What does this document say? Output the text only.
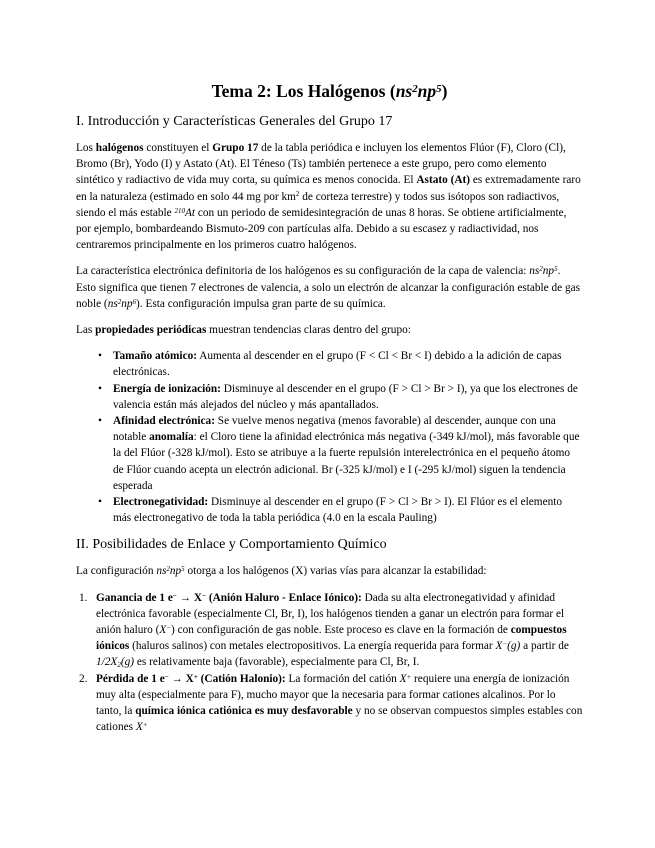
Tema 2: Los Halógenos $(ns^2np^5)$
I. Introducción y Características Generales del Grupo 17

Los halógenos constituyen el Grupo 17 de la tabla periódica e incluyen los elementos Flúor (F), Cloro (Cl), Bromo (Br), Yodo (I) y Astato (At). El Téneso (Ts) también pertenece a este grupo, pero como elemento sintético y radiactivo de vida muy corta, su química es menos conocida. El Astato (At) es extremadamente raro en la naturaleza (estimado en solo 44 mg por $km^2$ de corteza terrestre) y todos sus isótopos son radiactivos, siendo el más estable $^{210}$At con un periodo de semidesintegración de unas 8 horas. Se obtiene artificialmente, por ejemplo, bombardeando Bismuto-209 con partículas alfa. Debido a su escasez y radiactividad, nos centraremos principalmente en los primeros cuatro halógenos.

La característica electrónica definitoria de los halógenos es su configuración de la capa de valencia: $ns^2np^5$. Esto significa que tienen 7 electrones de valencia, a solo un electrón de alcanzar la configuración estable de gas noble $(ns^2np^6)$. Esta configuración impulsa gran parte de su química.

Las propiedades periódicas muestran tendencias claras dentro del grupo:

• Tamaño atómico: Aumenta al descender en el grupo (F < Cl < Br < I) debido a la adición de capas electrónicas.
• Energía de ionización: Disminuye al descender en el grupo (F > Cl > Br > I), ya que los electrones de valencia están más alejados del núcleo y más apantallados.
• Afinidad electrónica: Se vuelve menos negativa (menos favorable) al descender, aunque con una notable anomalía: el Cloro tiene la afinidad electrónica más negativa (-349 kJ/mol), más favorable que la del Flúor (-328 kJ/mol). Esto se atribuye a la fuerte repulsión interelectrónica en el pequeño átomo de Flúor cuando acepta un electrón adicional. Br (-325 kJ/mol) e I (-295 kJ/mol) siguen la tendencia esperada
• Electronegatividad: Disminuye al descender en el grupo (F > Cl > Br > I). El Flúor es el elemento más electronegativo de toda la tabla periódica (4.0 en la escala Pauling)
II. Posibilidades de Enlace y Comportamiento Químico

La configuración $ns^2np^5$ otorga a los halógenos (X) varias vías para alcanzar la estabilidad:

Ganancia de 1 e− → X− (Anión Haluro - Enlace Iónico): Dada su alta electronegatividad y afinidad electrónica favorable (especialmente Cl, Br, I), los halógenos tienden a ganar un electrón para formar el anión haluro (X−) con configuración de gas noble. Este proceso es clave en la formación de compuestos iónicos (haluros salinos) con metales electropositivos. La energía requerida para formar X−(g) a partir de 1/2X2(g) es relativamente baja (favorable), especialmente para Cl, Br, I.
Pérdida de 1 e− → X+ (Catión Halonio): La formación del catión X+ requiere una energía de ionización muy alta (especialmente para F), mucho mayor que la necesaria para formar cationes alcalinos. Por lo tanto, la química iónica catiónica es muy desfavorable y no se observan compuestos simples estables con cationes X+
